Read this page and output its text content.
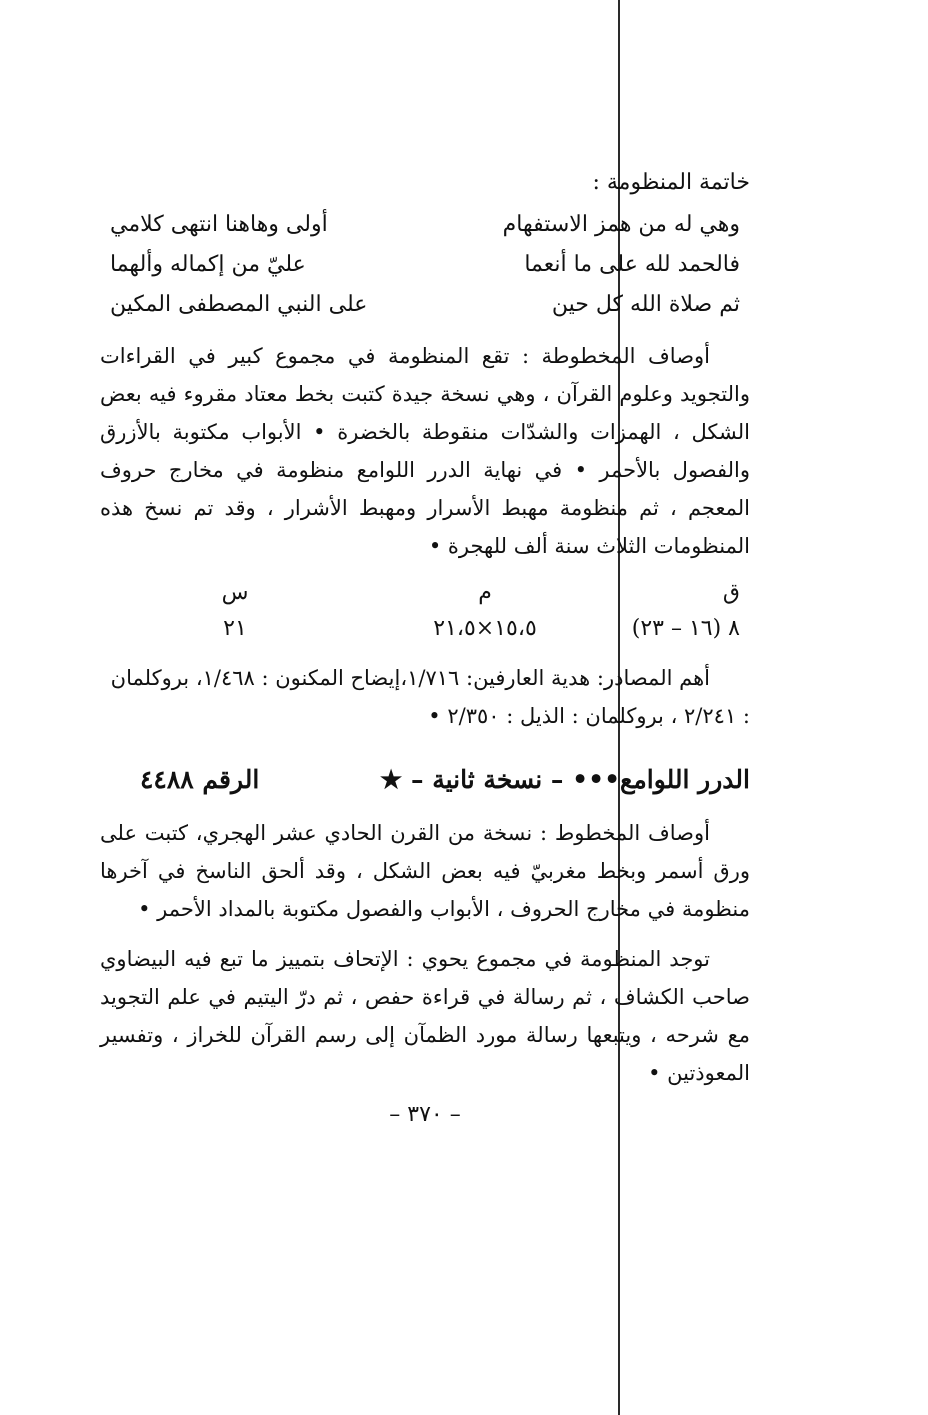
خاتمة المنظومة :
وهي له من همز الاستفهام
أولى وهاهنا انتهى كلامي
فالحمد لله على ما أنعما
عليّ من إكماله وألهما
ثم صلاة الله كل حين
على النبي المصطفى المكين

أوصاف المخطوطة : تقع المنظومة في مجموع كبير في القراءات والتجويد وعلوم القرآن ، وهي نسخة جيدة كتبت بخط معتاد مقروء فيه بعض الشكل ، الهمزات والشدّات منقوطة بالخضرة • الأبواب مكتوبة بالأزرق والفصول بالأحمر • في نهاية الدرر اللوامع منظومة في مخارج حروف المعجم ، ثم منظومة مهبط الأسرار ومهبط الأشرار ، وقد تم نسخ هذه المنظومات الثلاث سنة ألف للهجرة •

ق
م
س
٨ (١٦ – ٢٣)
١٥،٥×٢١،٥
٢١

أهم المصادر: هدية العارفين: ١/٧١٦،إيضاح المكنون : ١/٤٦٨، بروكلمان : ٢/٢٤١ ، بروكلمان : الذيل : ٢/٣٥٠ •

الدرر اللوامع••• – نسخة ثانية – ★
الرقم ٤٤٨٨

أوصاف المخطوط : نسخة من القرن الحادي عشر الهجري، كتبت على ورق أسمر وبخط مغربيّ فيه بعض الشكل ، وقد ألحق الناسخ في آخرها منظومة في مخارج الحروف ، الأبواب والفصول مكتوبة بالمداد الأحمر •

توجد المنظومة في مجموع يحوي : الإتحاف بتمييز ما تبع فيه البيضاوي صاحب الكشاف ، ثم رسالة في قراءة حفص ، ثم درّ اليتيم في علم التجويد مع شرحه ، ويتبعها رسالة مورد الظمآن إلى رسم القرآن للخراز ، وتفسير المعوذتين •

– ٣٧٠ –
